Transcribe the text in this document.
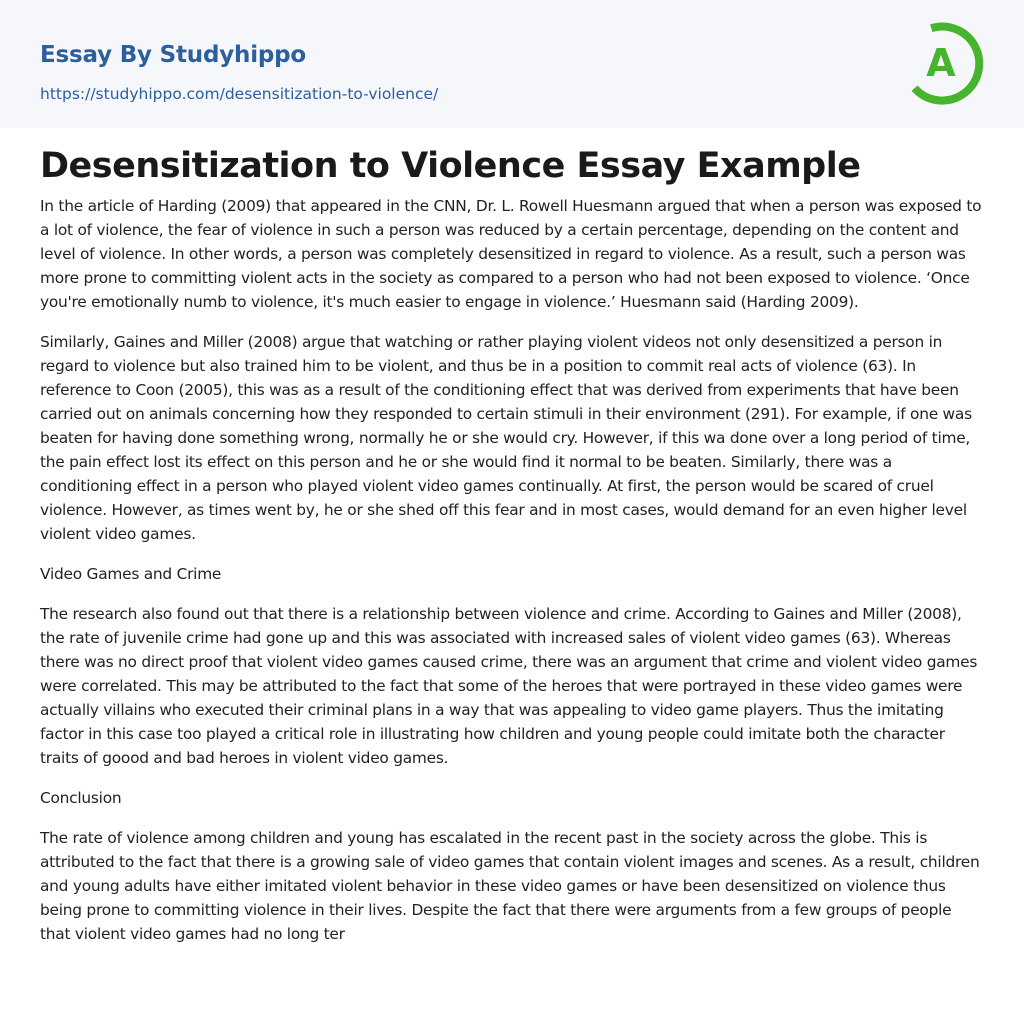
Essay By Studyhippo
https://studyhippo.com/desensitization-to-violence/
A
Desensitization to Violence Essay Example

In the article of Harding (2009) that appeared in the CNN, Dr. L. Rowell Huesmann argued that when a person was exposed to a lot of violence, the fear of violence in such a person was reduced by a certain percentage, depending on the content and level of violence. In other words, a person was completely desensitized in regard to violence. As a result, such a person was more prone to committing violent acts in the society as compared to a person who had not been exposed to violence. ‘Once you're emotionally numb to violence, it's much easier to engage in violence.’ Huesmann said (Harding 2009).

Similarly, Gaines and Miller (2008) argue that watching or rather playing violent videos not only desensitized a person in regard to violence but also trained him to be violent, and thus be in a position to commit real acts of violence (63). In reference to Coon (2005), this was as a result of the conditioning effect that was derived from experiments that have been carried out on animals concerning how they responded to certain stimuli in their environment (291). For example, if one was beaten for having done something wrong, normally he or she would cry. However, if this wa done over a long period of time, the pain effect lost its effect on this person and he or she would find it normal to be beaten. Similarly, there was a conditioning effect in a person who played violent video games continually. At first, the person would be scared of cruel violence. However, as times went by, he or she shed off this fear and in most cases, would demand for an even higher level violent video games.

Video Games and Crime

The research also found out that there is a relationship between violence and crime. According to Gaines and Miller (2008), the rate of juvenile crime had gone up and this was associated with increased sales of violent video games (63). Whereas there was no direct proof that violent video games caused crime, there was an argument that crime and violent video games were correlated. This may be attributed to the fact that some of the heroes that were portrayed in these video games were actually villains who executed their criminal plans in a way that was appealing to video game players. Thus the imitating factor in this case too played a critical role in illustrating how children and young people could imitate both the character traits of goood and bad heroes in violent video games.

Conclusion

The rate of violence among children and young has escalated in the recent past in the society across the globe. This is attributed to the fact that there is a growing sale of video games that contain violent images and scenes. As a result, children and young adults have either imitated violent behavior in these video games or have been desensitized on violence thus being prone to committing violence in their lives. Despite the fact that there were arguments from a few groups of people that violent video games had no long ter
